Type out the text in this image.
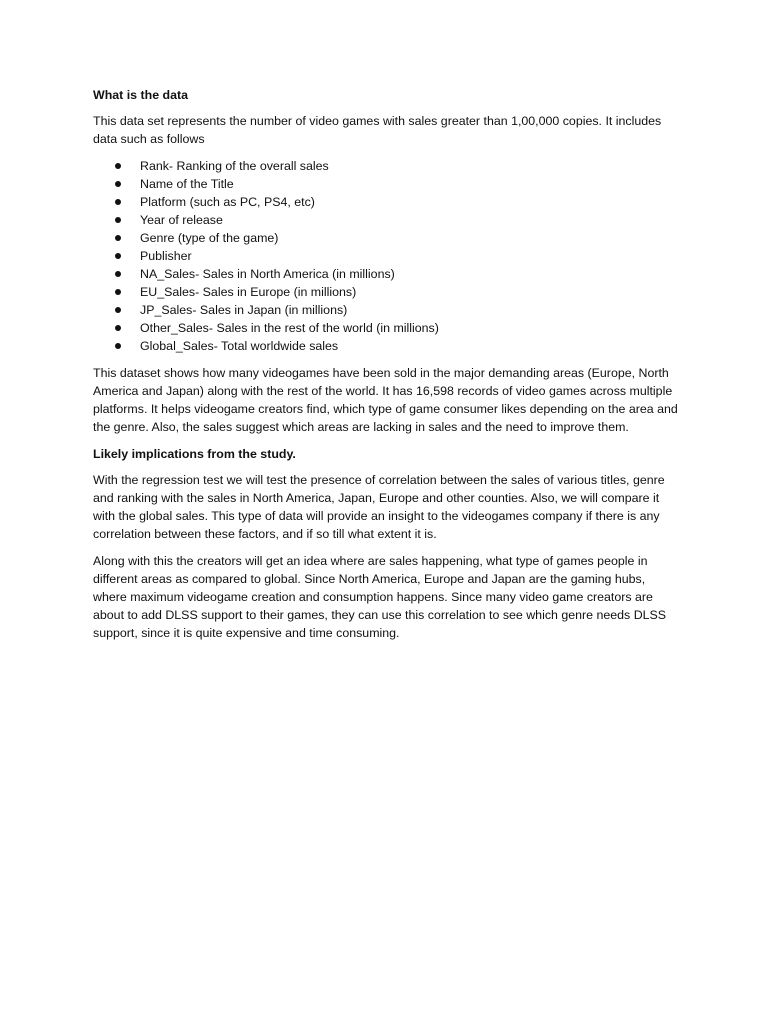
What is the data

This data set represents the number of video games with sales greater than 1,00,000 copies. It includes data such as follows

Rank- Ranking of the overall sales
Name of the Title
Platform (such as PC, PS4, etc)
Year of release
Genre (type of the game)
Publisher
NA_Sales- Sales in North America (in millions)
EU_Sales- Sales in Europe (in millions)
JP_Sales- Sales in Japan (in millions)
Other_Sales- Sales in the rest of the world (in millions)
Global_Sales- Total worldwide sales

This dataset shows how many videogames have been sold in the major demanding areas (Europe, North America and Japan) along with the rest of the world. It has 16,598 records of video games across multiple platforms. It helps videogame creators find, which type of game consumer likes depending on the area and the genre. Also, the sales suggest which areas are lacking in sales and the need to improve them.

Likely implications from the study.

With the regression test we will test the presence of correlation between the sales of various titles, genre and ranking with the sales in North America, Japan, Europe and other counties. Also, we will compare it with the global sales. This type of data will provide an insight to the videogames company if there is any correlation between these factors, and if so till what extent it is.

Along with this the creators will get an idea where are sales happening, what type of games people in different areas as compared to global. Since North America, Europe and Japan are the gaming hubs, where maximum videogame creation and consumption happens. Since many video game creators are about to add DLSS support to their games, they can use this correlation to see which genre needs DLSS support, since it is quite expensive and time consuming.
